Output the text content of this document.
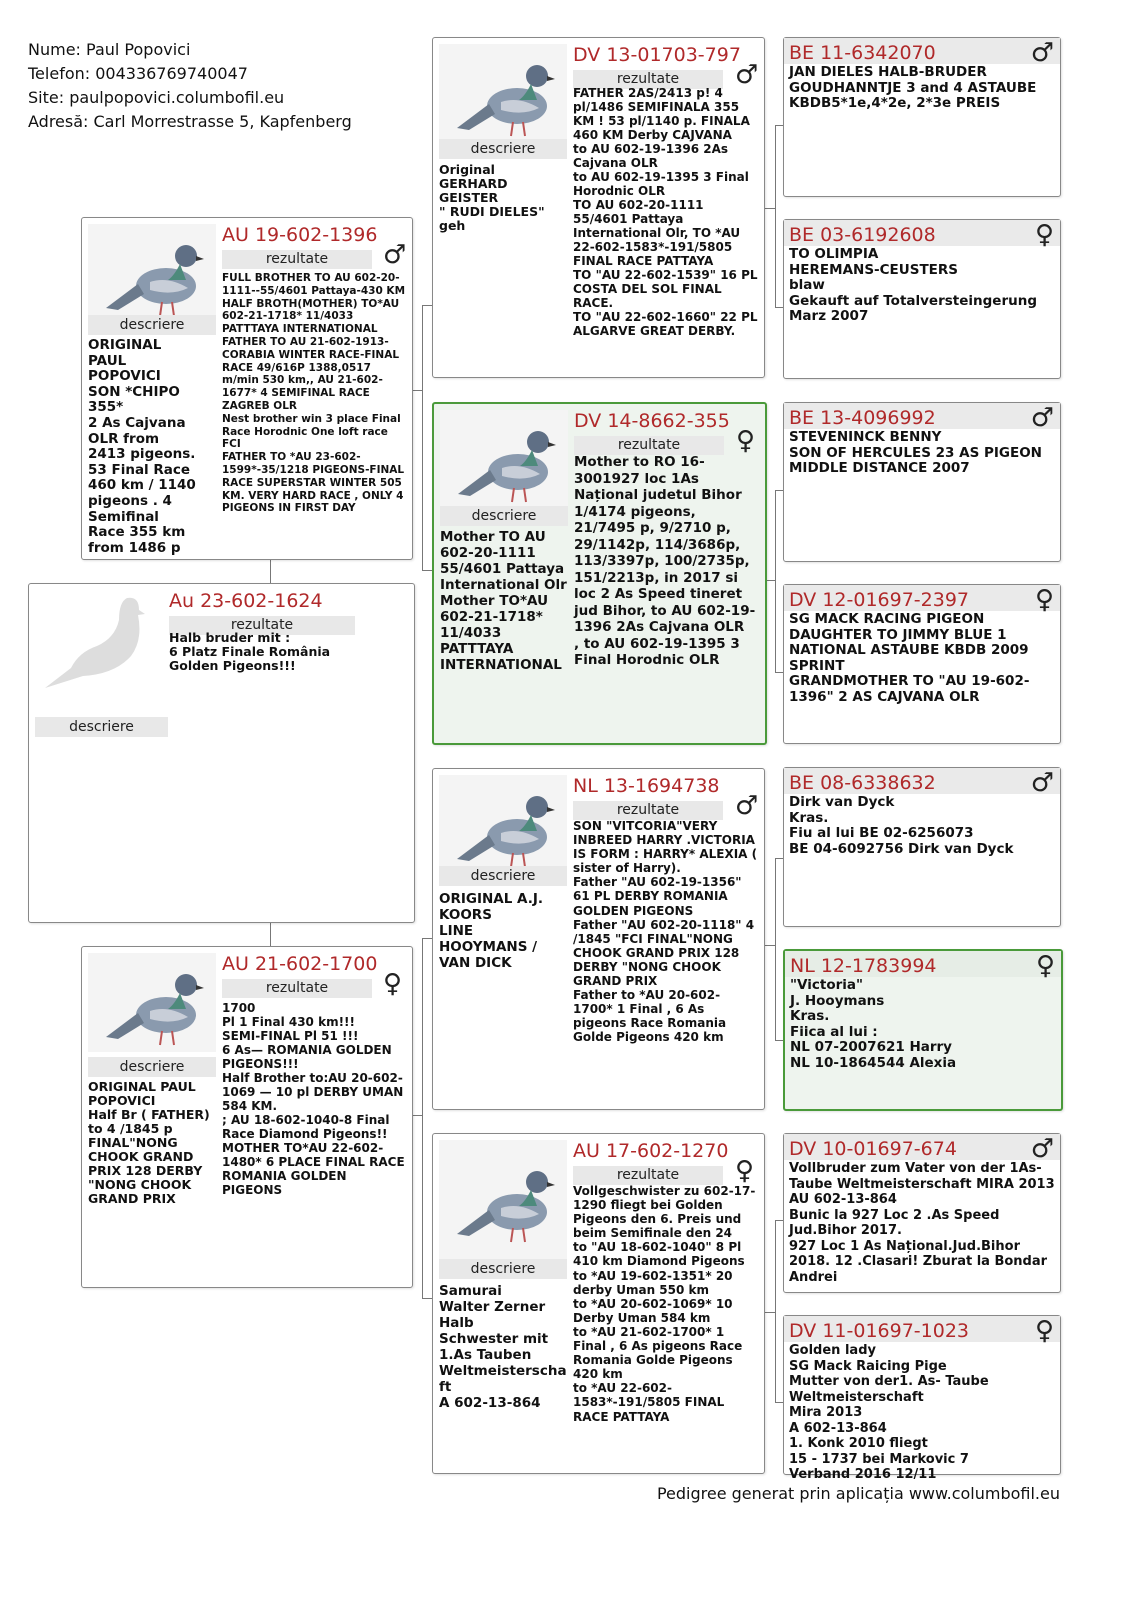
Nume: Paul Popovici
Telefon: 004336769740047
Site: paulpopovici.columbofil.eu
Adresă: Carl Morrestrasse 5, Kapfenberg
descriere
Au 23-602-1624
rezultate
Halb bruder mit :
6 Platz Finale România
Golden Pigeons!!!
descriere
ORIGINAL
PAUL
POPOVICI
SON *CHIPO
355*
2 As Cajvana
OLR from
2413 pigeons.
53 Final Race
460 km / 1140
pigeons . 4
Semifinal
Race 355 km
from 1486 p
AU 19-602-1396
rezultate	♂
FULL BROTHER TO AU 602-20-1111--55/4601 Pattaya-430 KM
HALF BROTH(MOTHER) TO*AU 602-21-1718* 11/4033 PATTTAYA INTERNATIONAL
FATHER TO AU 21-602-1913-CORABIA WINTER RACE-FINAL RACE 49/616P 1388,0517 m/min 530 km,, AU 21-602-1677* 4 SEMIFINAL RACE ZAGREB OLR
Nest brother win 3 place Final Race Horodnic One loft race FCI
FATHER TO *AU 23-602-1599*-35/1218 PIGEONS-FINAL RACE SUPERSTAR WINTER 505 KM. VERY HARD RACE , ONLY 4 PIGEONS IN FIRST DAY
descriere
ORIGINAL PAUL POPOVICI
Half Br ( FATHER) to 4 /1845 p FINAL"NONG CHOOK GRAND PRIX 128 DERBY "NONG CHOOK GRAND PRIX
AU 21-602-1700
rezultate	♀
1700
Pl 1 Final 430 km!!!
SEMI-FINAL Pl 51 !!!
6 As— ROMANIA GOLDEN PIGEONS!!!
Half Brother to:AU 20-602-1069 — 10 pl DERBY UMAN 584 KM.
; AU 18-602-1040-8 Final Race Diamond Pigeons!!
MOTHER TO*AU 22-602-1480* 6 PLACE FINAL RACE ROMANIA GOLDEN PIGEONS
descriere
Original
GERHARD
GEISTER
" RUDI DIELES"
geh
DV 13-01703-797
rezultate	♂
FATHER 2AS/2413 p! 4 pl/1486 SEMIFINALA 355 KM ! 53 pl/1140 p. FINALA 460 KM Derby CAJVANA
to AU 602-19-1396 2As Cajvana OLR
to AU 602-19-1395 3 Final Horodnic OLR
TO AU 602-20-1111 55/4601 Pattaya International Olr, TO *AU 22-602-1583*-191/5805 FINAL RACE PATTAYA
TO "AU 22-602-1539" 16 PL COSTA DEL SOL FINAL RACE.
TO "AU 22-602-1660" 22 PL ALGARVE GREAT DERBY.
descriere
Mother TO AU 602-20-1111 55/4601 Pattaya International Olr
Mother TO*AU 602-21-1718* 11/4033 PATTTAYA INTERNATIONAL
DV 14-8662-355
rezultate	♀
Mother to RO 16-3001927 loc 1As Național judetul Bihor 1/4174 pigeons, 21/7495 p, 9/2710 p, 29/1142p, 114/3686p, 113/3397p, 100/2735p, 151/2213p, in 2017 si loc 2 As Speed tineret jud Bihor, to AU 602-19-1396 2As Cajvana OLR
, to AU 602-19-1395 3 Final Horodnic OLR
descriere
ORIGINAL A.J.
KOORS
LINE
HOOYMANS /
VAN DICK
NL 13-1694738
rezultate	♂
SON "VITCORIA"VERY INBREED HARRY .VICTORIA IS FORM : HARRY* ALEXIA ( sister of Harry).
Father "AU 602-19-1356" 61 PL DERBY ROMANIA GOLDEN PIGEONS
Father "AU 602-20-1118" 4 /1845 "FCI FINAL"NONG CHOOK GRAND PRIX 128 DERBY "NONG CHOOK GRAND PRIX
Father to *AU 20-602-1700* 1 Final , 6 As pigeons Race Romania Golde Pigeons 420 km
descriere
Samurai
Walter Zerner
Halb
Schwester mit
1.As Tauben
Weltmeisterschaft
A 602-13-864
AU 17-602-1270
rezultate	♀
Vollgeschwister zu 602-17-1290 fliegt bei Golden Pigeons den 6. Preis und beim Semifinale den 24
to "AU 18-602-1040" 8 Pl 410 km Diamond Pigeons
to *AU 19-602-1351* 20 derby Uman 550 km
to *AU 20-602-1069* 10 Derby Uman 584 km
to *AU 21-602-1700* 1 Final , 6 As pigeons Race Romania Golde Pigeons 420 km
to *AU 22-602-1583*-191/5805 FINAL RACE PATTAYA
BE 11-6342070	♂
JAN DIELES HALB-BRUDER
GOUDHANNTJE 3 and 4 ASTAUBE
KBDB5*1e,4*2e, 2*3e PREIS
BE 03-6192608	♀
TO OLIMPIA
HEREMANS-CEUSTERS
blaw
Gekauft auf Totalversteingerung Marz 2007
BE 13-4096992	♂
STEVENINCK BENNY
SON OF HERCULES 23 AS PIGEON MIDDLE DISTANCE 2007
DV 12-01697-2397	♀
SG MACK RACING PIGEON
DAUGHTER TO JIMMY BLUE 1 NATIONAL ASTAUBE KBDB 2009 SPRINT
GRANDMOTHER TO "AU 19-602-1396" 2 AS CAJVANA OLR
BE 08-6338632	♂
Dirk van Dyck
Kras.
Fiu al lui BE 02-6256073
BE 04-6092756 Dirk van Dyck
NL 12-1783994	♀
"Victoria"
J. Hooymans
Kras.
Fiica al lui :
NL 07-2007621 Harry
NL 10-1864544 Alexia
DV 10-01697-674	♂
Vollbruder zum Vater von der 1As-Taube Weltmeisterschaft MIRA 2013
AU 602-13-864
Bunic la 927 Loc 2 .As Speed Jud.Bihor 2017.
927 Loc 1 As Național.Jud.Bihor 2018. 12 .Clasari! Zburat la Bondar Andrei
DV 11-01697-1023	♀
Golden lady
SG Mack Raicing Pige
Mutter von der1. As- Taube Weltmeisterschaft
Mira 2013
A 602-13-864
1. Konk 2010 fliegt
15 - 1737 bei Markovic 7
Verband 2016 12/11
Pedigree generat prin aplicația www.columbofil.eu
